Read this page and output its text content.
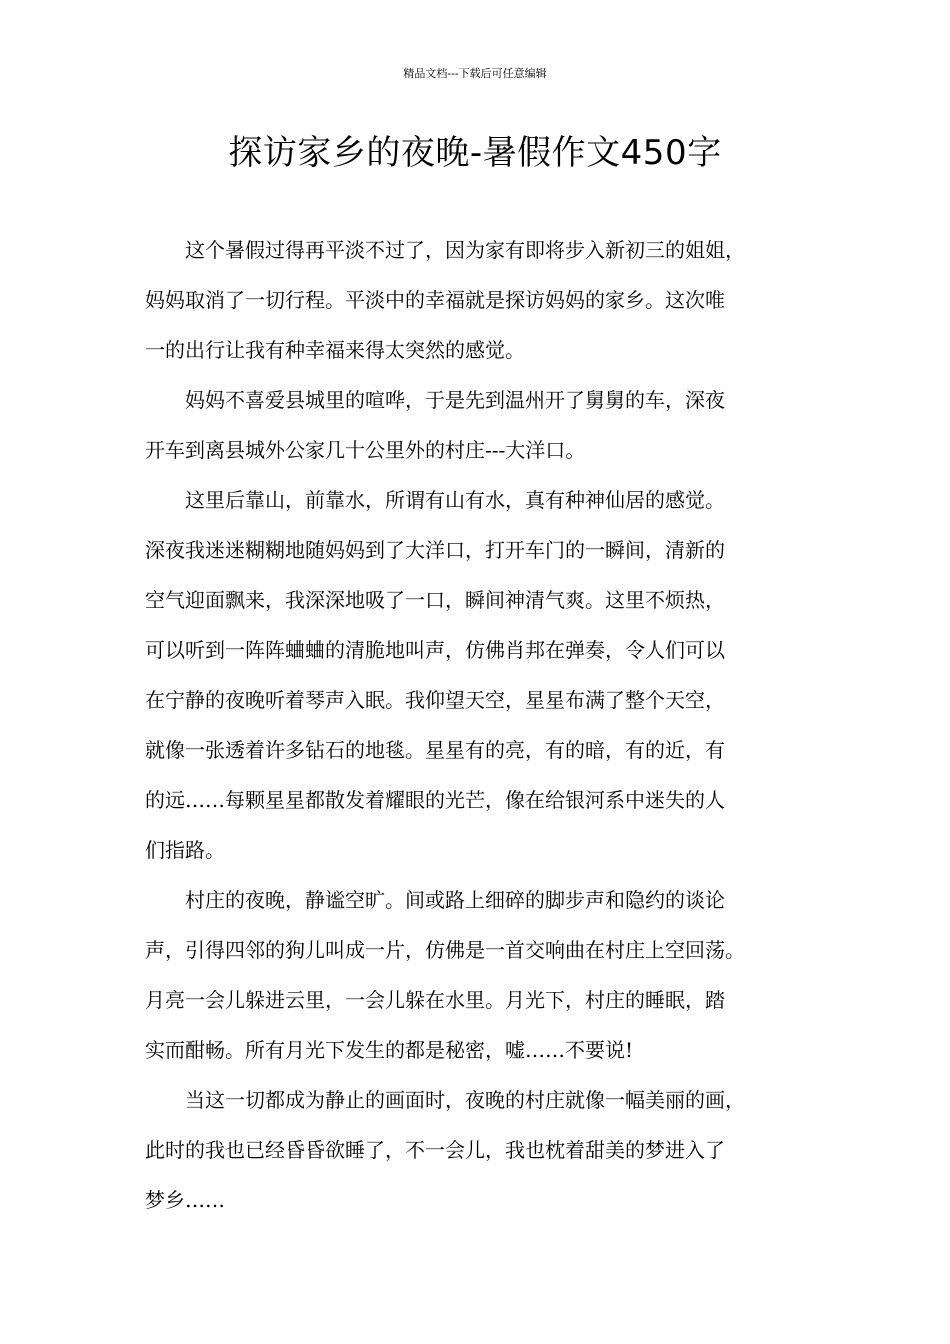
精品文档---下载后可任意编辑
探访家乡的夜晚-暑假作文450字

这个暑假过得再平淡不过了，因为家有即将步入新初三的姐姐，
妈妈取消了一切行程。平淡中的幸福就是探访妈妈的家乡。这次唯
一的出行让我有种幸福来得太突然的感觉。

妈妈不喜爱县城里的喧哗，于是先到温州开了舅舅的车，深夜
开车到离县城外公家几十公里外的村庄---大洋口。

这里后靠山，前靠水，所谓有山有水，真有种神仙居的感觉。
深夜我迷迷糊糊地随妈妈到了大洋口，打开车门的一瞬间，清新的
空气迎面飘来，我深深地吸了一口，瞬间神清气爽。这里不烦热，
可以听到一阵阵蛐蛐的清脆地叫声，仿佛肖邦在弹奏，令人们可以
在宁静的夜晚听着琴声入眠。我仰望天空，星星布满了整个天空，
就像一张透着许多钻石的地毯。星星有的亮，有的暗，有的近，有
的远……每颗星星都散发着耀眼的光芒，像在给银河系中迷失的人
们指路。

村庄的夜晚，静谧空旷。间或路上细碎的脚步声和隐约的谈论
声，引得四邻的狗儿叫成一片，仿佛是一首交响曲在村庄上空回荡。
月亮一会儿躲进云里，一会儿躲在水里。月光下，村庄的睡眠，踏
实而酣畅。所有月光下发生的都是秘密，嘘……不要说!

当这一切都成为静止的画面时，夜晚的村庄就像一幅美丽的画，
此时的我也已经昏昏欲睡了，不一会儿，我也枕着甜美的梦进入了
梦乡……
